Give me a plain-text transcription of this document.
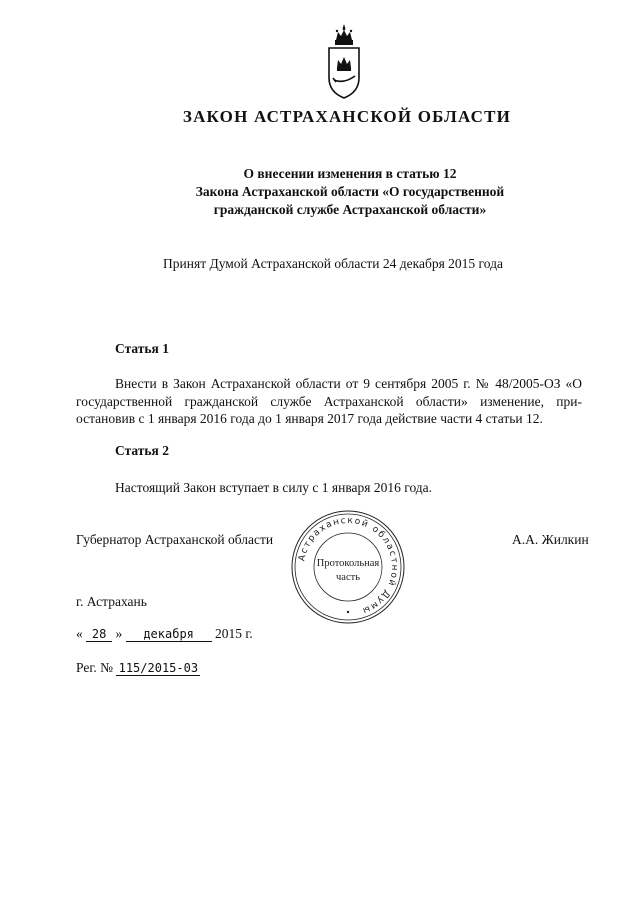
ЗАКОН АСТРАХАНСКОЙ ОБЛАСТИ
О внесении изменения в статью 12
Закона Астраханской области «О государственной
гражданской службе Астраханской области»
Принят Думой Астраханской области 24 декабря 2015 года
Статья 1
Внести в Закон Астраханской области от 9 сентября 2005 г. № 48/2005-ОЗ «О государственной гражданской службе Астраханской области» изменение, при-остановив с 1 января 2016 года до 1 января 2017 года действие части 4 статьи 12.
Статья 2
Настоящий Закон вступает в силу с 1 января 2016 года.
Губернатор Астраханской области	А.А. Жилкин
Астраханской областной Думы
Протокольная
часть
г. Астрахань
« 28 » декабря 2015 г.
Рег. № 115/2015-03
